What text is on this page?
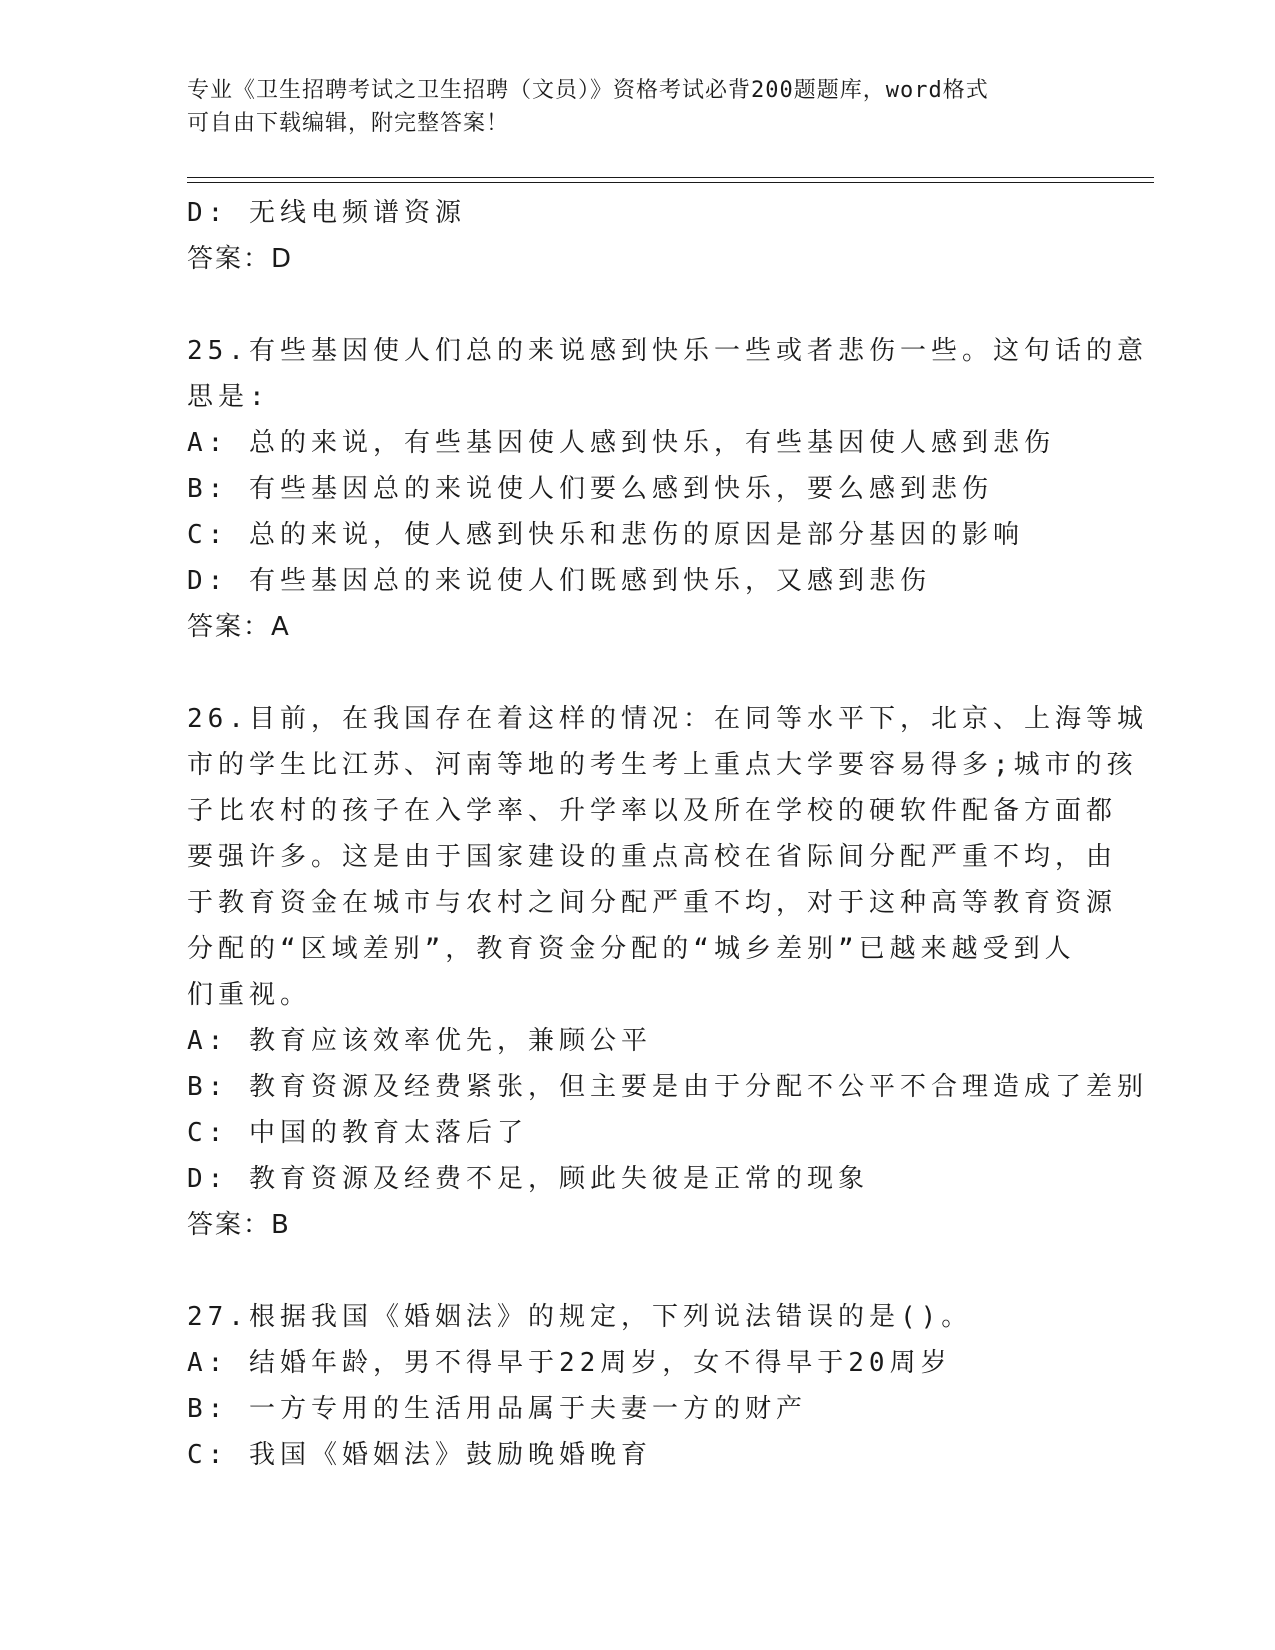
专业《卫生招聘考试之卫生招聘（文员）》资格考试必背200题题库，word格式
可自由下载编辑，附完整答案！
D: 无线电频谱资源
答案：D
25.有些基因使人们总的来说感到快乐一些或者悲伤一些。这句话的意
思是:
A: 总的来说，有些基因使人感到快乐，有些基因使人感到悲伤
B: 有些基因总的来说使人们要么感到快乐，要么感到悲伤
C: 总的来说，使人感到快乐和悲伤的原因是部分基因的影响
D: 有些基因总的来说使人们既感到快乐，又感到悲伤
答案：A
26.目前，在我国存在着这样的情况：在同等水平下，北京、上海等城
市的学生比江苏、河南等地的考生考上重点大学要容易得多;城市的孩
子比农村的孩子在入学率、升学率以及所在学校的硬软件配备方面都
要强许多。这是由于国家建设的重点高校在省际间分配严重不均，由
于教育资金在城市与农村之间分配严重不均，对于这种高等教育资源
分配的“区域差别”，教育资金分配的“城乡差别”已越来越受到人
们重视。
A: 教育应该效率优先，兼顾公平
B: 教育资源及经费紧张，但主要是由于分配不公平不合理造成了差别
C: 中国的教育太落后了
D: 教育资源及经费不足，顾此失彼是正常的现象
答案：B
27.根据我国《婚姻法》的规定，下列说法错误的是()。
A: 结婚年龄，男不得早于22周岁，女不得早于20周岁
B: 一方专用的生活用品属于夫妻一方的财产
C: 我国《婚姻法》鼓励晚婚晚育
